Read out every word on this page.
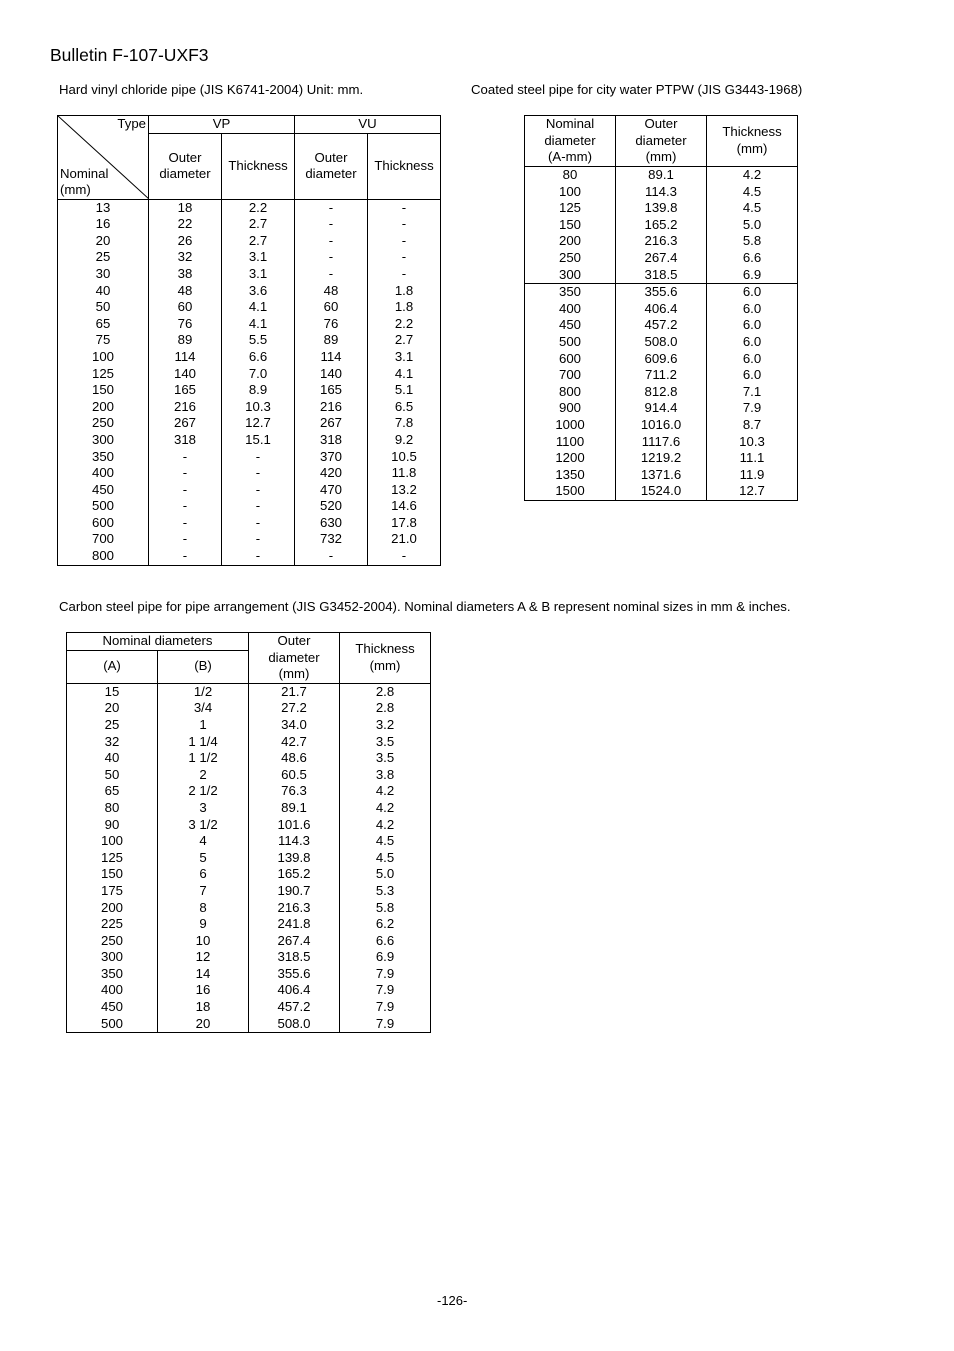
Bulletin F-107-UXF3
Hard vinyl chloride pipe (JIS K6741-2004) Unit: mm.	Coated steel pipe for city water PTPW (JIS G3443-1968)
Carbon steel pipe for pipe arrangement (JIS G3452-2004). Nominal diameters A & B represent nominal sizes in mm & inches.
Type
Nominal
(mm)	VP		VU	
	Outer diameter	Thickness	Outer diameter	Thickness
13	18	2.2	-	-
16	22	2.7	-	-
20	26	2.7	-	-
25	32	3.1	-	-
30	38	3.1	-	-
40	48	3.6	48	1.8
50	60	4.1	60	1.8
65	76	4.1	76	2.2
75	89	5.5	89	2.7
100	114	6.6	114	3.1
125	140	7.0	140	4.1
150	165	8.9	165	5.1
200	216	10.3	216	6.5
250	267	12.7	267	7.8
300	318	15.1	318	9.2
350	-	-	370	10.5
400	-	-	420	11.8
450	-	-	470	13.2
500	-	-	520	14.6
600	-	-	630	17.8
700	-	-	732	21.0
800	-	-	-	-
Nominal
diameter
(A-mm)	Outer
diameter
(mm)	Thickness
(mm)
80	89.1	4.2
100	114.3	4.5
125	139.8	4.5
150	165.2	5.0
200	216.3	5.8
250	267.4	6.6
300	318.5	6.9
350	355.6	6.0
400	406.4	6.0
450	457.2	6.0
500	508.0	6.0
600	609.6	6.0
700	711.2	6.0
800	812.8	7.1
900	914.4	7.9
1000	1016.0	8.7
1100	1117.6	10.3
1200	1219.2	11.1
1350	1371.6	11.9
1500	1524.0	12.7
Nominal diameters		Outer
diameter
(mm)	Thickness
(mm)
(A)	(B)		
15	1/2	21.7	2.8
20	3/4	27.2	2.8
25	1	34.0	3.2
32	1 1/4	42.7	3.5
40	1 1/2	48.6	3.5
50	2	60.5	3.8
65	2 1/2	76.3	4.2
80	3	89.1	4.2
90	3 1/2	101.6	4.2
100	4	114.3	4.5
125	5	139.8	4.5
150	6	165.2	5.0
175	7	190.7	5.3
200	8	216.3	5.8
225	9	241.8	6.2
250	10	267.4	6.6
300	12	318.5	6.9
350	14	355.6	7.9
400	16	406.4	7.9
450	18	457.2	7.9
500	20	508.0	7.9
-126-
